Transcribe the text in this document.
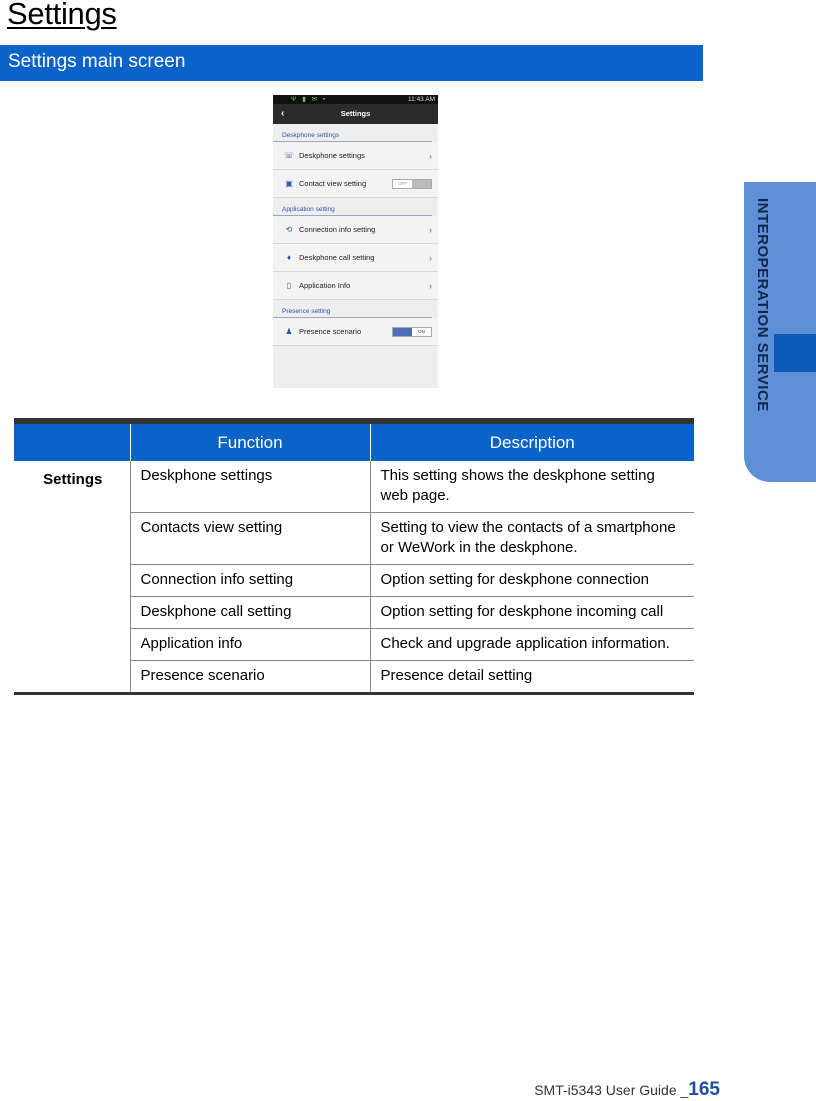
Settings
Settings main screen
Ψ ▮ ✉ ▪	11:43 AM
‹	Settings
Deskphone settings
☏ Deskphone settings	›
▣ Contact view setting	OFF
Application setting
⟲ Connection info setting	›
♦	Deskphone call setting	›
▯	Application Info	›
Presence setting
♟ Presence scenario	ON
	Function	Description
Settings	Deskphone settings	This setting shows the deskphone setting web page.
	Contacts view setting	Setting to view the contacts of a smartphone or WeWork in the deskphone.
	Connection info setting	Option setting for deskphone connection
	Deskphone call setting	Option setting for deskphone incoming call
	Application info	Check and upgrade application information.
	Presence scenario	Presence detail setting
INTEROPERATION SERVICE
SMT-i5343 User Guide _165
